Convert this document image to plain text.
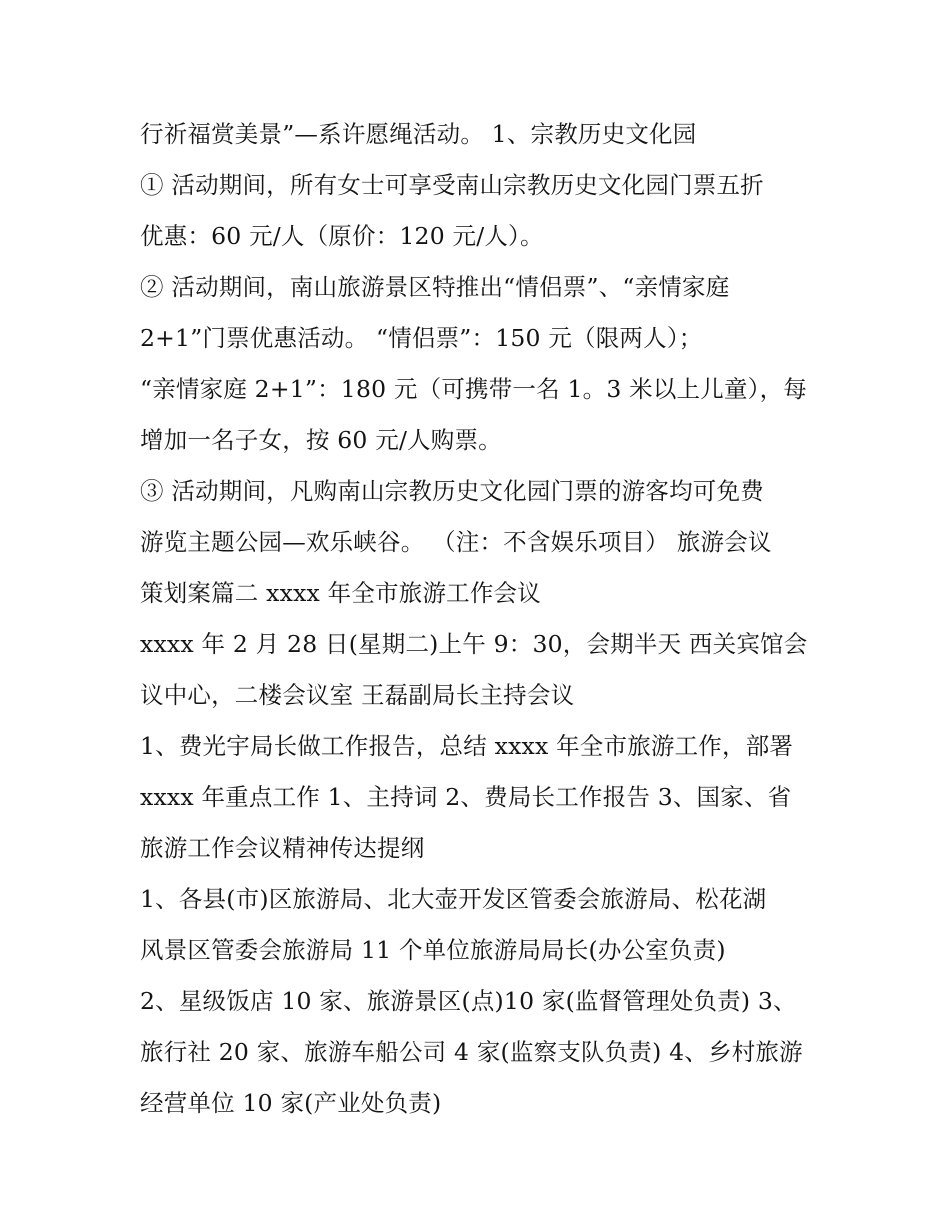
行祈福赏美景”—系许愿绳活动。 1、宗教历史文化园
① 活动期间，所有女士可享受南山宗教历史文化园门票五折
优惠：60 元/人（原价：120 元/人）。
② 活动期间，南山旅游景区特推出“情侣票”、“亲情家庭
2+1”门票优惠活动。 “情侣票”：150 元（限两人）；
“亲情家庭 2+1”：180 元（可携带一名 1。3 米以上儿童），每
增加一名子女，按 60 元/人购票。
③ 活动期间，凡购南山宗教历史文化园门票的游客均可免费
游览主题公园—欢乐峡谷。 （注：不含娱乐项目） 旅游会议
策划案篇二 xxxx 年全市旅游工作会议
xxxx 年 2 月 28 日(星期二)上午 9：30，会期半天 西关宾馆会
议中心，二楼会议室 王磊副局长主持会议
1、费光宇局长做工作报告，总结 xxxx 年全市旅游工作，部署
xxxx 年重点工作 1、主持词 2、费局长工作报告 3、国家、省
旅游工作会议精神传达提纲
1、各县(市)区旅游局、北大壶开发区管委会旅游局、松花湖
风景区管委会旅游局 11 个单位旅游局局长(办公室负责)
2、星级饭店 10 家、旅游景区(点)10 家(监督管理处负责) 3、
旅行社 20 家、旅游车船公司 4 家(监察支队负责) 4、乡村旅游
经营单位 10 家(产业处负责)
